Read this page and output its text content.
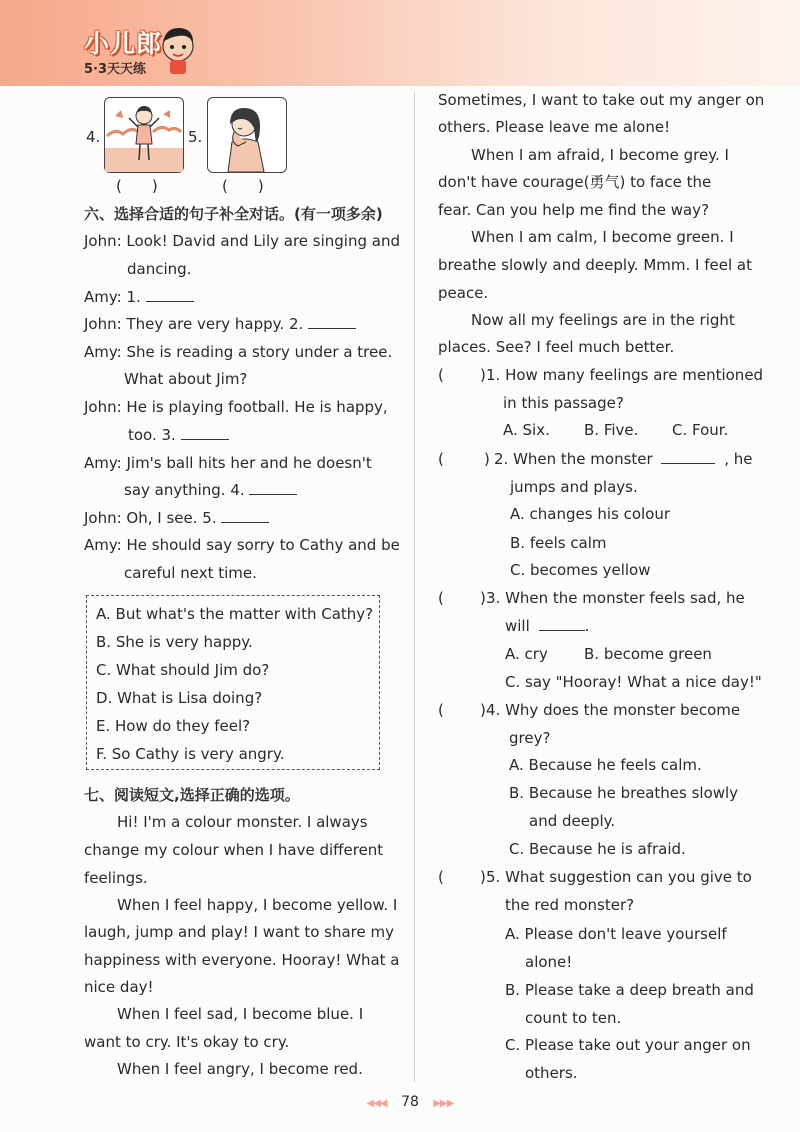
小儿郎
5·3天天练
4.
(　　)
5.
(　　)
六、选择合适的句子补全对话。(有一项多余)
John: Look! David and Lily are singing and
dancing.
Amy: 1.
John: They are very happy. 2.
Amy: She is reading a story under a tree.
What about Jim?
John: He is playing football. He is happy,
too. 3.
Amy: Jim's ball hits her and he doesn't
say anything. 4.
John: Oh, I see. 5.
Amy: He should say sorry to Cathy and be
careful next time.
A. But what's the matter with Cathy?
B. She is very happy.
C. What should Jim do?
D. What is Lisa doing?
E. How do they feel?
F. So Cathy is very angry.
七、阅读短文,选择正确的选项。
Hi! I'm a colour monster. I always
change my colour when I have different
feelings.
When I feel happy, I become yellow. I
laugh, jump and play! I want to share my
happiness with everyone. Hooray! What a
nice day!
When I feel sad, I become blue. I
want to cry. It's okay to cry.
When I feel angry, I become red.
Sometimes, I want to take out my anger on
others. Please leave me alone!
When I am afraid, I become grey. I
don't have courage(勇气) to face the
fear. Can you help me find the way?
When I am calm, I become green. I
breathe slowly and deeply. Mmm. I feel at
peace.
Now all my feelings are in the right
places. See? I feel much better.
( ) 1. How many feelings are mentioned
in this passage?
A. Six. B. Five. C. Four.
(	) 2. When the monster	, he
jumps and plays.
A. changes his colour
B. feels calm
C. becomes yellow
( ) 3. When the monster feels sad, he
will	.
A. cry B. become green
C. say "Hooray! What a nice day!"
( ) 4. Why does the monster become
grey?
A. Because he feels calm.
B. Because he breathes slowly
and deeply.
C. Because he is afraid.
( ) 5. What suggestion can you give to
the red monster?
A. Please don't leave yourself
alone!
B. Please take a deep breath and
count to ten.
C. Please take out your anger on
others.
◀◀◀ 78 ▶▶▶
